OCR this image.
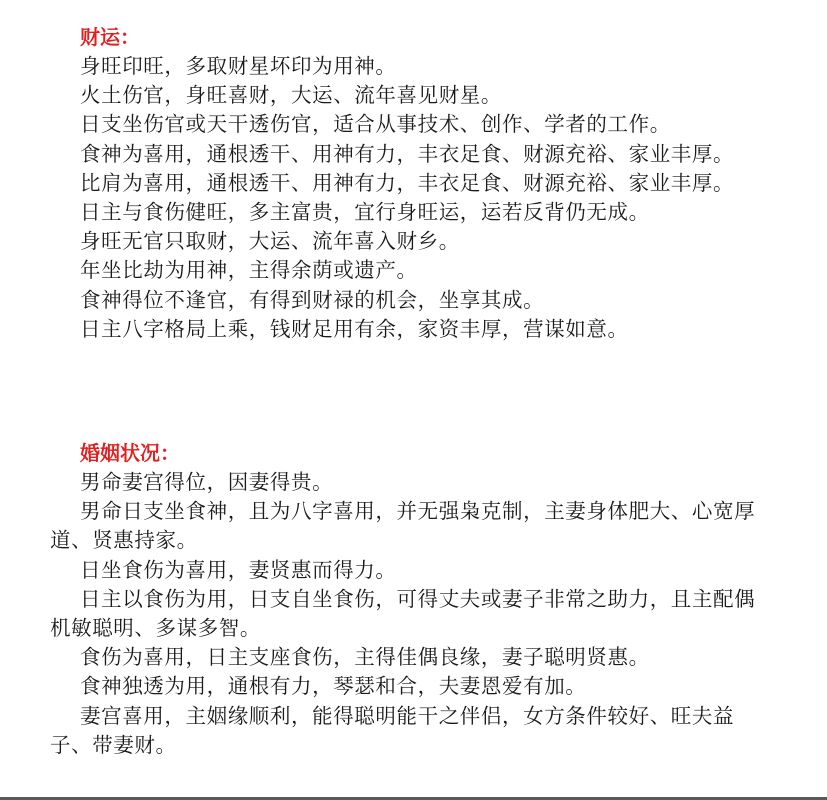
财运：

身旺印旺，多取财星坏印为用神。

火土伤官，身旺喜财，大运、流年喜见财星。

日支坐伤官或天干透伤官，适合从事技术、创作、学者的工作。

食神为喜用，通根透干、用神有力，丰衣足食、财源充裕、家业丰厚。

比肩为喜用，通根透干、用神有力，丰衣足食、财源充裕、家业丰厚。

日主与食伤健旺，多主富贵，宜行身旺运，运若反背仍无成。

身旺无官只取财，大运、流年喜入财乡。

年坐比劫为用神，主得余荫或遗产。

食神得位不逢官，有得到财禄的机会，坐享其成。

日主八字格局上乘，钱财足用有余，家资丰厚，营谋如意。

婚姻状况：

男命妻宫得位，因妻得贵。

男命日支坐食神，且为八字喜用，并无强枭克制，主妻身体肥大、心宽厚道、贤惠持家。

日坐食伤为喜用，妻贤惠而得力。

日主以食伤为用，日支自坐食伤，可得丈夫或妻子非常之助力，且主配偶机敏聪明、多谋多智。

食伤为喜用，日主支座食伤，主得佳偶良缘，妻子聪明贤惠。

食神独透为用，通根有力，琴瑟和合，夫妻恩爱有加。

妻宫喜用，主姻缘顺利，能得聪明能干之伴侣，女方条件较好、旺夫益子、带妻财。
